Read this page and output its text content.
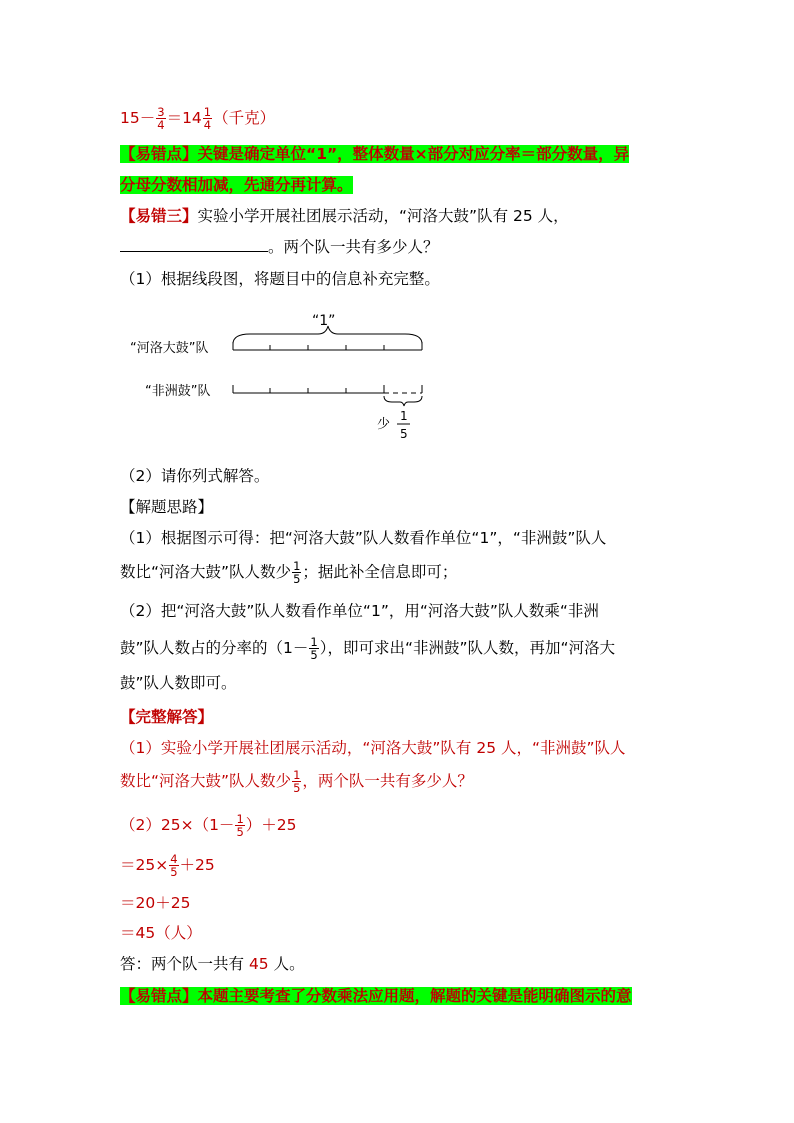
$15- \frac{3}{4} =14 \frac{1}{4}$ （千克）
【易错点】关键是确定单位“1”，整体数量×部分对应分率＝部分数量，异
分母分数相加减，先通分再计算。
【易错三】实验小学开展社团展示活动，“河洛大鼓”队有 25 人，
。两个队一共有多少人？
（1）根据线段图，将题目中的信息补充完整。
“1”
“河洛大鼓”队
“非洲鼓”队
少
1
5
（2）请你列式解答。
【解题思路】
（1）根据图示可得：把“河洛大鼓”队人数看作单位“1”，“非洲鼓”队人
数比“河洛大鼓”队人数少 $\frac{1}{5}$ ；据此补全信息即可；
（2）把“河洛大鼓”队人数看作单位“1”，用“河洛大鼓”队人数乘“非洲
鼓”队人数占的分率的（$1- \frac{1}{5}$ ），即可求出“非洲鼓”队人数，再加“河洛大
鼓”队人数即可。
【完整解答】
（1）实验小学开展社团展示活动，“河洛大鼓”队有 25 人，“非洲鼓”队人
数比“河洛大鼓”队人数少 $\frac{1}{5}$ ，两个队一共有多少人？
$(2)25\times(1- \frac{1}{5} )+25$
$=25\times \frac{4}{5} +25$
＝20＋25
＝45（人）
答：两个队一共有 45 人。
【易错点】本题主要考查了分数乘法应用题，解题的关键是能明确图示的意
